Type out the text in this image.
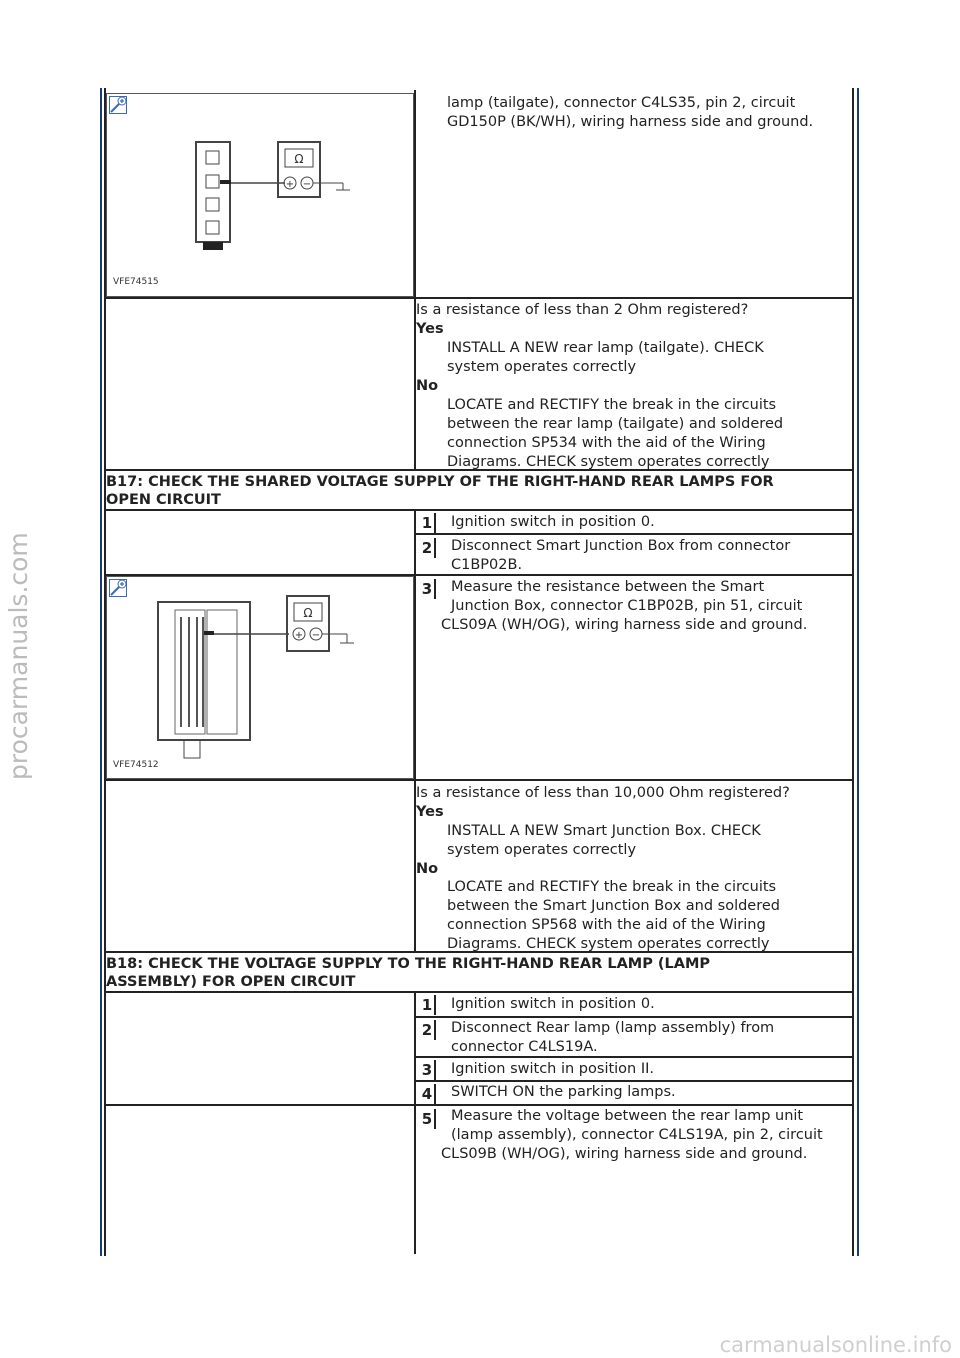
procarmanuals.com
carmanualsonline.info
Ω
+ −
VFE74515
lamp (tailgate), connector C4LS35, pin 2, circuit
GD150P (BK/WH), wiring harness side and ground.
Is a resistance of less than 2 Ohm registered?
Yes
INSTALL A NEW rear lamp (tailgate). CHECK
system operates correctly
No
LOCATE and RECTIFY the break in the circuits
between the rear lamp (tailgate) and soldered
connection SP534 with the aid of the Wiring
Diagrams. CHECK system operates correctly
B17: CHECK THE SHARED VOLTAGE SUPPLY OF THE RIGHT-HAND REAR LAMPS FOR
OPEN CIRCUIT
1 Ignition switch in position 0.
2 Disconnect Smart Junction Box from connector
C1BP02B.
3 Measure the resistance between the Smart
Junction Box, connector C1BP02B, pin 51, circuit
CLS09A (WH/OG), wiring harness side and ground.
Ω
+ −
VFE74512
Is a resistance of less than 10,000 Ohm registered?
Yes
INSTALL A NEW Smart Junction Box. CHECK
system operates correctly
No
LOCATE and RECTIFY the break in the circuits
between the Smart Junction Box and soldered
connection SP568 with the aid of the Wiring
Diagrams. CHECK system operates correctly
B18: CHECK THE VOLTAGE SUPPLY TO THE RIGHT-HAND REAR LAMP (LAMP
ASSEMBLY) FOR OPEN CIRCUIT
1 Ignition switch in position 0.
2 Disconnect Rear lamp (lamp assembly) from
connector C4LS19A.
3 Ignition switch in position II.
4 SWITCH ON the parking lamps.
5 Measure the voltage between the rear lamp unit
(lamp assembly), connector C4LS19A, pin 2, circuit
CLS09B (WH/OG), wiring harness side and ground.
